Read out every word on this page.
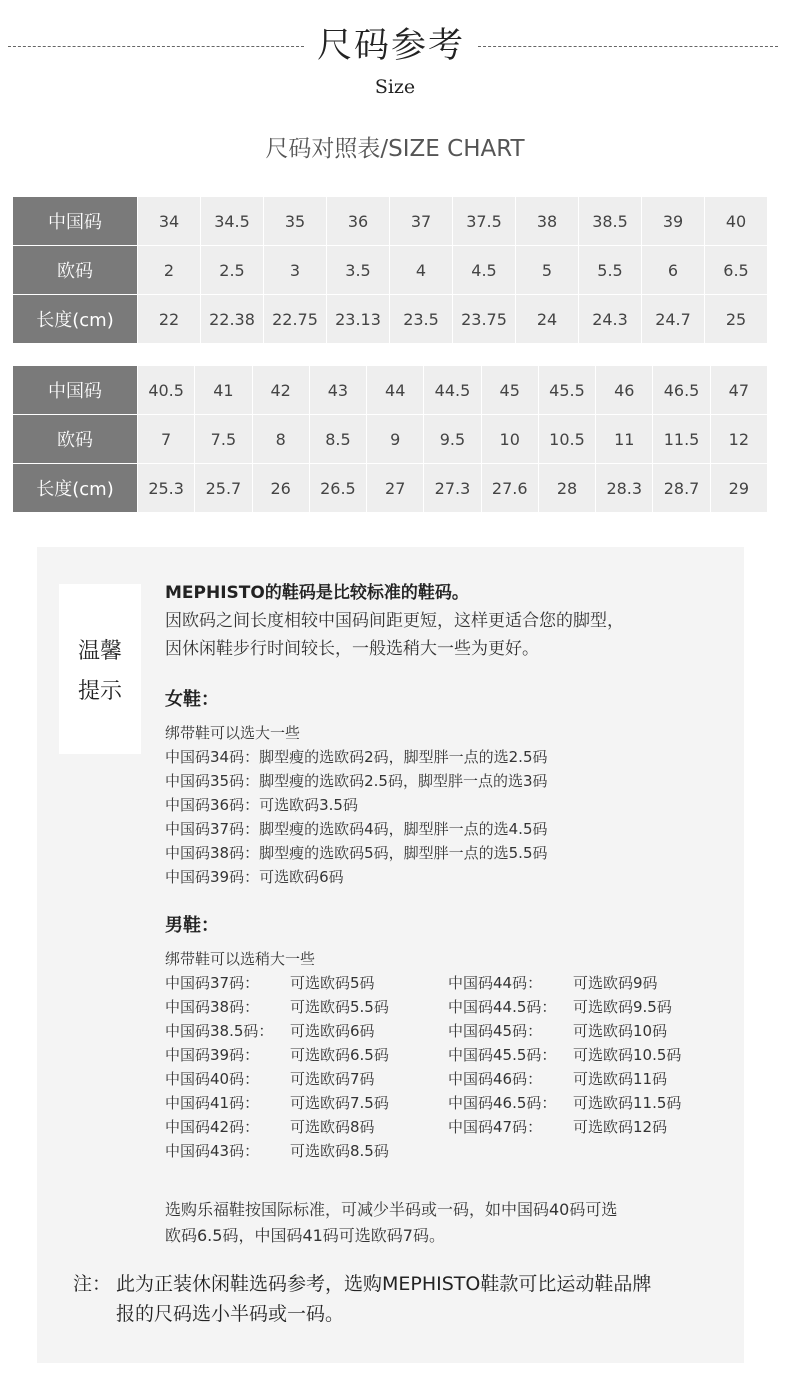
尺码参考
Size
尺码对照表/SIZE CHART
中国码	34	34.5	35	36	37	37.5	38	38.5	39	40
欧码	2	2.5	3	3.5	4	4.5	5	5.5	6	6.5
长度(cm)	22	22.38	22.75	23.13	23.5	23.75	24	24.3	24.7	25
中国码	40.5	41	42	43	44	44.5	45	45.5	46	46.5	47
欧码	7	7.5	8	8.5	9	9.5	10	10.5	11	11.5	12
长度(cm)	25.3	25.7	26	26.5	27	27.3	27.6	28	28.3	28.7	29
温馨
提示

MEPHISTO的鞋码是比较标准的鞋码。

因欧码之间长度相较中国码间距更短，这样更适合您的脚型，

因休闲鞋步行时间较长，一般选稍大一些为更好。

女鞋：

绑带鞋可以选大一些

中国码34码：脚型瘦的选欧码2码，脚型胖一点的选2.5码

中国码35码：脚型瘦的选欧码2.5码，脚型胖一点的选3码

中国码36码：可选欧码3.5码

中国码37码：脚型瘦的选欧码4码，脚型胖一点的选4.5码

中国码38码：脚型瘦的选欧码5码，脚型胖一点的选5.5码

中国码39码：可选欧码6码

男鞋：

绑带鞋可以选稍大一些

中国码37码： 可选欧码5码
中国码38码： 可选欧码5.5码
中国码38.5码： 可选欧码6码
中国码39码： 可选欧码6.5码
中国码40码： 可选欧码7码
中国码41码： 可选欧码7.5码
中国码42码： 可选欧码8码
中国码43码： 可选欧码8.5码
中国码44码： 可选欧码9码
中国码44.5码： 可选欧码9.5码
中国码45码： 可选欧码10码
中国码45.5码： 可选欧码10.5码
中国码46码： 可选欧码11码
中国码46.5码： 可选欧码11.5码
中国码47码： 可选欧码12码
选购乐福鞋按国际标准，可减少半码或一码，如中国码40码可选
欧码6.5码，中国码41码可选欧码7码。
注： 此为正装休闲鞋选码参考，选购MEPHISTO鞋款可比运动鞋品牌
报的尺码选小半码或一码。
